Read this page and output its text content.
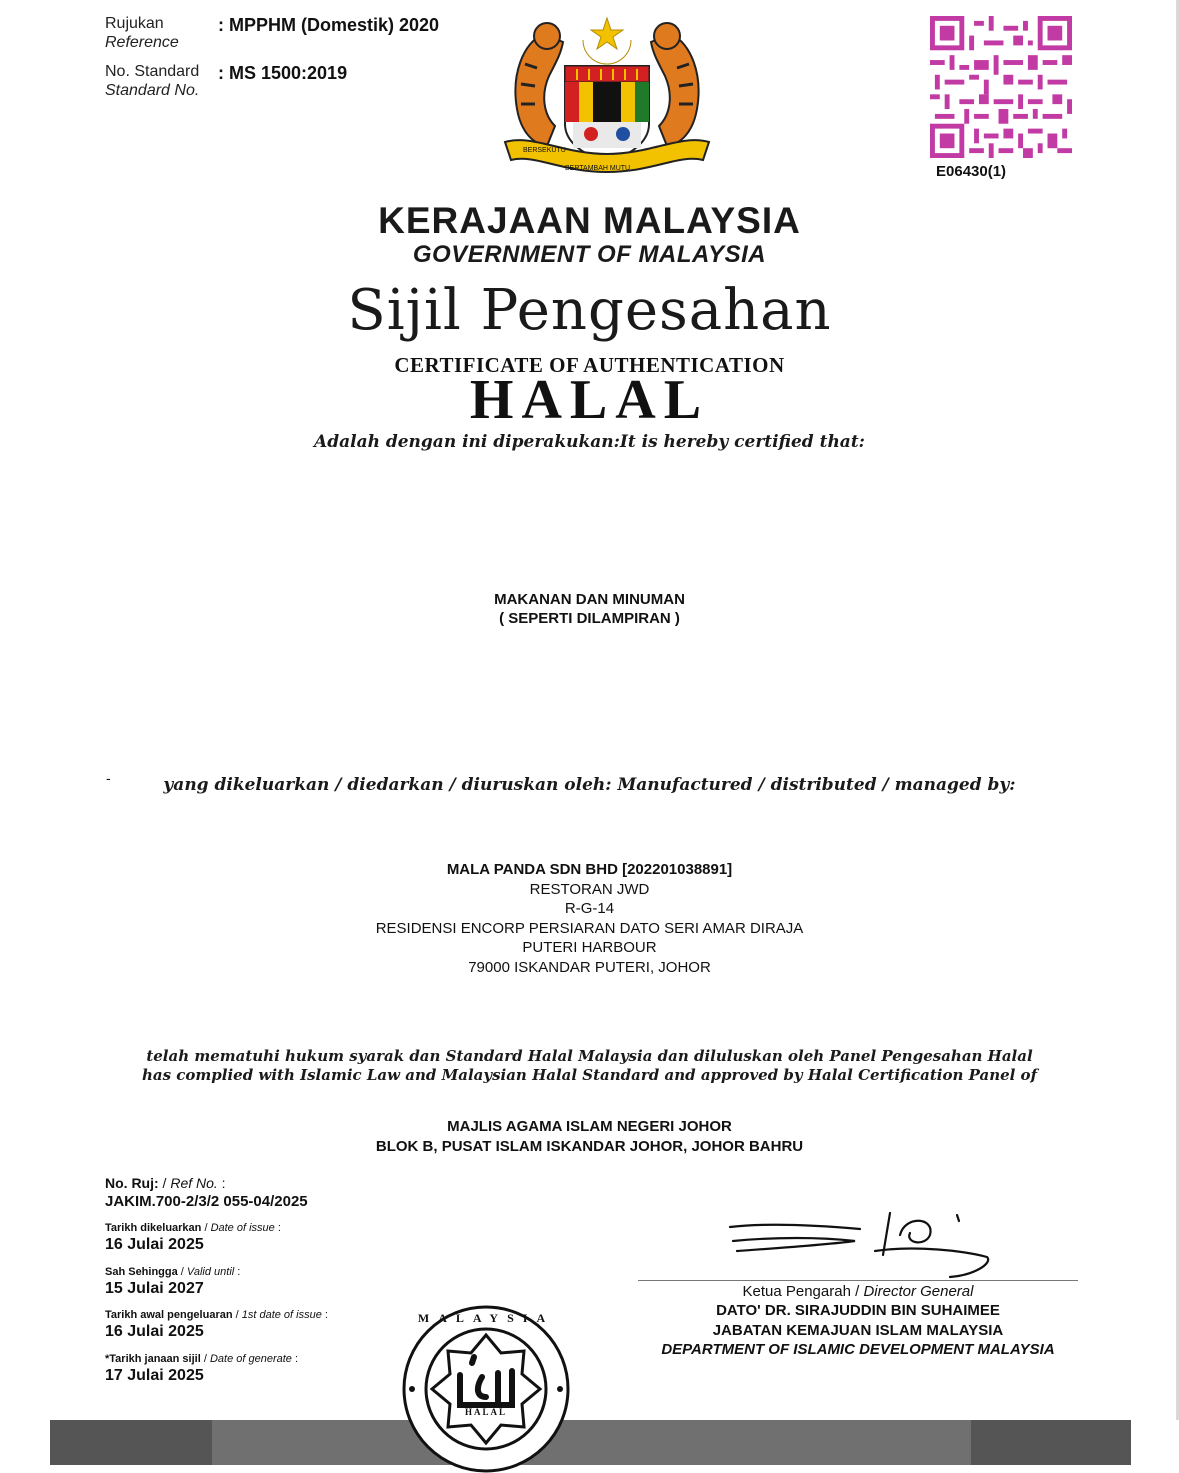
Rujukan
Reference
: MPPHM (Domestik) 2020
No. Standard
Standard No.
: MS 1500:2019
BERSEKUTU
BERTAMBAH MUTU	E06430(1)
KERAJAAN MALAYSIA
GOVERNMENT OF MALAYSIA
Sijil Pengesahan
CERTIFICATE OF AUTHENTICATION
HALAL
Adalah dengan ini diperakukan:It is hereby certified that:
MAKANAN DAN MINUMAN
( SEPERTI DILAMPIRAN )
-	yang dikeluarkan / diedarkan / diuruskan oleh: Manufactured / distributed / managed by:
MALA PANDA SDN BHD [202201038891]
RESTORAN JWD
R-G-14
RESIDENSI ENCORP PERSIARAN DATO SERI AMAR DIRAJA
PUTERI HARBOUR
79000 ISKANDAR PUTERI, JOHOR
telah mematuhi hukum syarak dan Standard Halal Malaysia dan diluluskan oleh Panel Pengesahan Halal
has complied with Islamic Law and Malaysian Halal Standard and approved by Halal Certification Panel of
MAJLIS AGAMA ISLAM NEGERI JOHOR
BLOK B, PUSAT ISLAM ISKANDAR JOHOR, JOHOR BAHRU
No. Ruj: / Ref No. :
JAKIM.700-2/3/2 055-04/2025
Tarikh dikeluarkan / Date of issue :
16 Julai 2025
Sah Sehingga / Valid until :
15 Julai 2027
Tarikh awal pengeluaran / 1st date of issue :
16 Julai 2025
*Tarikh janaan sijil / Date of generate :
17 Julai 2025
Ketua Pengarah / Director General
DATO' DR. SIRAJUDDIN BIN SUHAIMEE
JABATAN KEMAJUAN ISLAM MALAYSIA
DEPARTMENT OF ISLAMIC DEVELOPMENT MALAYSIA
HALAL
MALAYSIA
